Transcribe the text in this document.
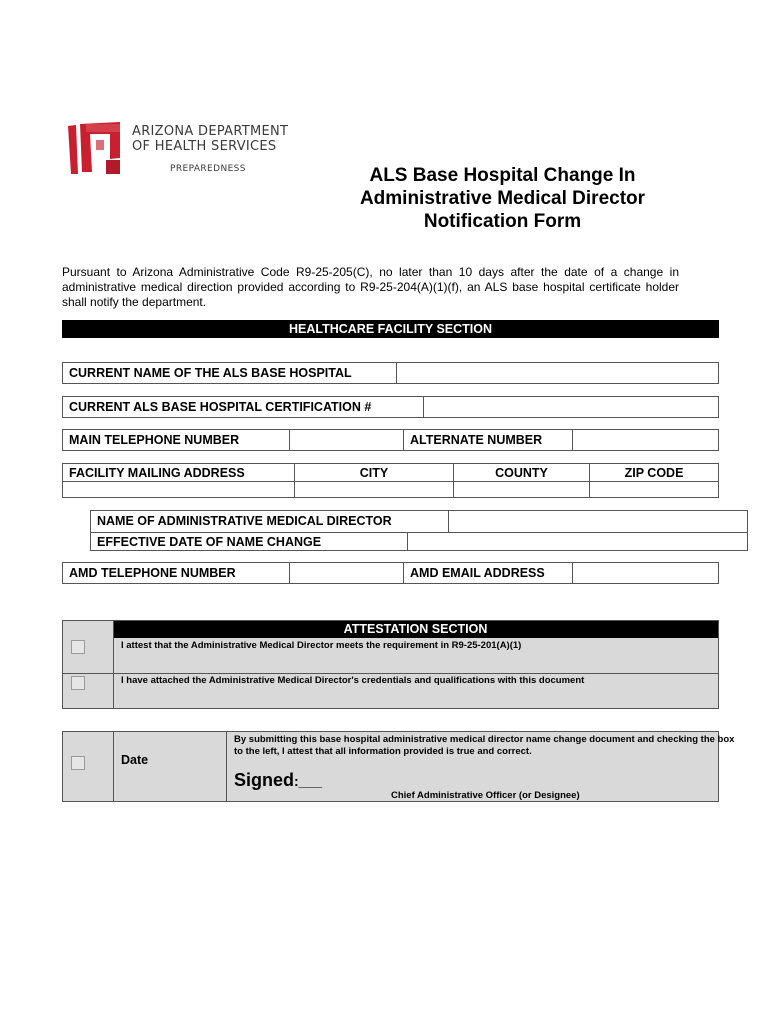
ARIZONA DEPARTMENT
OF HEALTH SERVICES
PREPAREDNESS	ALS Base Hospital Change In
Administrative Medical Director
Notification Form
Pursuant to Arizona Administrative Code R9-25-205(C), no later than 10 days after the date of a change in administrative medical direction provided according to R9-25-204(A)(1)(f), an ALS base hospital certificate holder shall notify the department.
HEALTHCARE FACILITY SECTION
CURRENT NAME OF THE ALS BASE HOSPITAL
CURRENT ALS BASE HOSPITAL CERTIFICATION #
MAIN TELEPHONE NUMBER	ALTERNATE NUMBER
FACILITY MAILING ADDRESS	CITY	COUNTY	ZIP CODE
NAME OF ADMINISTRATIVE MEDICAL DIRECTOR
EFFECTIVE DATE OF NAME CHANGE
AMD TELEPHONE NUMBER	AMD EMAIL ADDRESS
ATTESTATION SECTION
I attest that the Administrative Medical Director meets the requirement in R9-25-201(A)(1)
I have attached the Administrative Medical Director's credentials and qualifications with this document
Date
By submitting this base hospital administrative medical director name change document and checking the box to the left, I attest that all information provided is true and correct.
Signed:___
Chief Administrative Officer (or Designee)
